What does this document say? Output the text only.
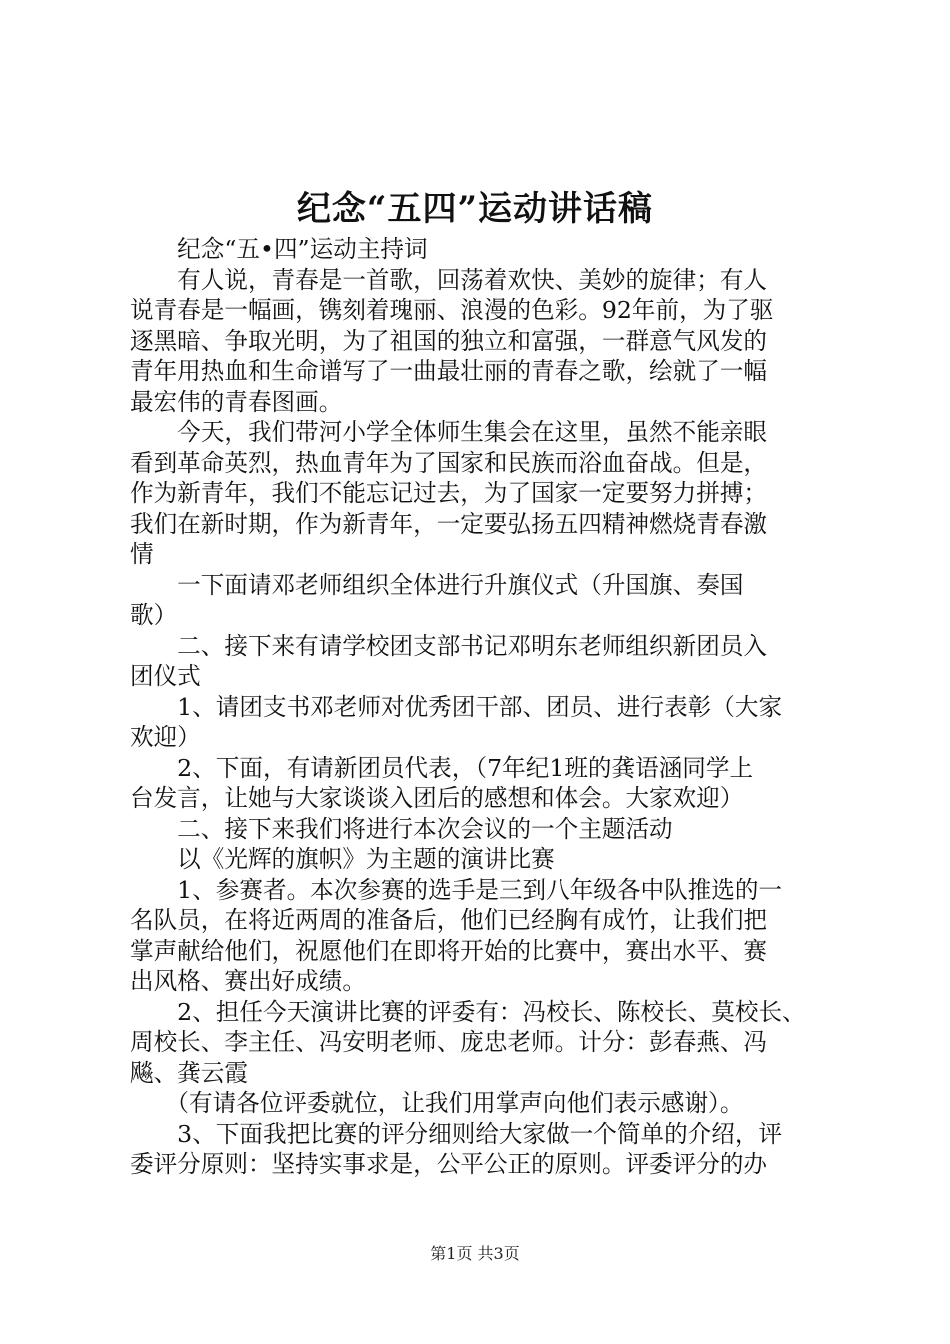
纪念“五四”运动讲话稿

　　纪念“五•四”运动主持词

　　有人说，青春是一首歌，回荡着欢快、美妙的旋律；有人

说青春是一幅画，镌刻着瑰丽、浪漫的色彩。92年前，为了驱

逐黑暗、争取光明，为了祖国的独立和富强，一群意气风发的

青年用热血和生命谱写了一曲最壮丽的青春之歌，绘就了一幅

最宏伟的青春图画。

　　今天，我们带河小学全体师生集会在这里，虽然不能亲眼

看到革命英烈，热血青年为了国家和民族而浴血奋战。但是，

作为新青年，我们不能忘记过去，为了国家一定要努力拼搏；

我们在新时期，作为新青年，一定要弘扬五四精神燃烧青春激

情

　　一下面请邓老师组织全体进行升旗仪式（升国旗、奏国

歌）

　　二、接下来有请学校团支部书记邓明东老师组织新团员入

团仪式

　　1、请团支书邓老师对优秀团干部、团员、进行表彰（大家

欢迎）

　　2、下面，有请新团员代表，（7年纪1班的龚语涵同学上

台发言，让她与大家谈谈入团后的感想和体会。大家欢迎）

　　二、接下来我们将进行本次会议的一个主题活动

　　以《光辉的旗帜》为主题的演讲比赛

　　1、参赛者。本次参赛的选手是三到八年级各中队推选的一

名队员，在将近两周的准备后，他们已经胸有成竹，让我们把

掌声献给他们，祝愿他们在即将开始的比赛中，赛出水平、赛

出风格、赛出好成绩。

　　2、担任今天演讲比赛的评委有：冯校长、陈校长、莫校长、

周校长、李主任、冯安明老师、庞忠老师。计分：彭春燕、冯

飚、龚云霞

　　（有请各位评委就位，让我们用掌声向他们表示感谢）。

　　3、下面我把比赛的评分细则给大家做一个简单的介绍，评

委评分原则：坚持实事求是，公平公正的原则。评委评分的办

第1页 共3页
